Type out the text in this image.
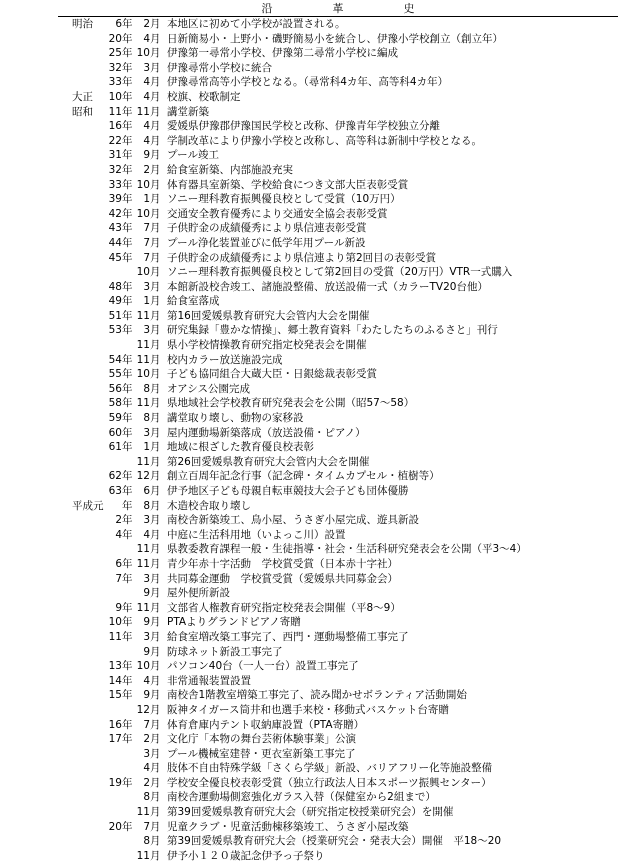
沿革史
明治	6 年	2 月 本地区に初めて小学校が設置される。
20 年	4 月 日新簡易小・上野小・磯野簡易小を統合し、伊豫小学校創立（創立年）
25 年 10 月 伊豫第一尋常小学校、伊豫第二尋常小学校に編成
32 年	3 月 伊豫尋常小学校に統合
33 年	4 月 伊豫尋常高等小学校となる。（尋常科4カ年、高等科4カ年）
大正	10 年	4 月 校旗、校歌制定
昭和	11 年 11 月 講堂新築
16 年	4 月 愛媛県伊豫郡伊豫国民学校と改称、伊豫青年学校独立分離
22 年	4 月 学制改革により伊豫小学校と改称し、高等科は新制中学校となる。
31 年	9 月 プール竣工
32 年	2 月 給食室新築、内部施設充実
33 年 10 月 体育器具室新築、学校給食につき文部大臣表彰受賞
39 年	1 月 ソニー理科教育振興優良校として受賞（10万円）
42 年 10 月 交通安全教育優秀により交通安全協会表彰受賞
43 年	7 月 子供貯金の成績優秀により県信連表彰受賞
44 年	7 月 プール浄化装置並びに低学年用プール新設
45 年	7 月 子供貯金の成績優秀により県信連より第2回目の表彰受賞
10 月 ソニー理科教育振興優良校として第2回目の受賞（20万円）VTR一式購入
48 年	3 月 本館新設校舎竣工、諸施設整備、放送設備一式（カラーTV20台他）
49 年	1 月 給食室落成
51 年 11 月 第16回愛媛県教育研究大会管内大会を開催
53 年	3 月 研究集録「豊かな情操」、郷土教育資料「わたしたちのふるさと」刊行
11 月 県小学校情操教育研究指定校発表会を開催
54 年 11 月 校内カラー放送施設完成
55 年 10 月 子ども協同組合大蔵大臣・日銀総裁表彰受賞
56 年	8 月 オアシス公園完成
58 年 11 月 県地域社会学校教育研究発表会を公開（昭57～58）
59 年	8 月 講堂取り壊し、動物の家移設
60 年	3 月 屋内運動場新築落成（放送設備・ピアノ）
61 年	1 月 地域に根ざした教育優良校表彰
11 月 第26回愛媛県教育研究大会管内大会を開催
62 年 12 月 創立百周年記念行事（記念碑・タイムカプセル・植樹等）
63 年	6 月 伊予地区子ども母親自転車競技大会子ども団体優勝
平成元 年	8 月 木造校舎取り壊し
2 年	3 月 南校舎新築竣工、鳥小屋、うさぎ小屋完成、遊具新設
4 年	4 月 中庭に生活科用地（いよっこ川）設置
11 月 県教委教育課程一般・生徒指導・社会・生活科研究発表会を公開（平3～4）
6 年 11 月 青少年赤十字活動　学校賞受賞（日本赤十字社）
7 年	3 月 共同募金運動　学校賞受賞（愛媛県共同募金会）
9 月 屋外便所新設
9 年 11 月 文部省人権教育研究指定校発表会開催（平8～9）
10 年	9 月 PTAよりグランドピアノ寄贈
11 年	3 月 給食室増改築工事完了、西門・運動場整備工事完了
9 月 防球ネット新設工事完了
13 年 10 月 パソコン40台（一人一台）設置工事完了
14 年	4 月 非常通報装置設置
15 年	9 月 南校舎1階教室増築工事完了、読み聞かせボランティア活動開始
12 月 阪神タイガース筒井和也選手来校・移動式バスケット台寄贈
16 年	7 月 体育倉庫内テント収納庫設置（PTA寄贈）
17 年	2 月 文化庁「本物の舞台芸術体験事業」公演
3 月 プール機械室建替・更衣室新築工事完了
4 月 肢体不自由特殊学級「さくら学級」新設、バリアフリー化等施設整備
19 年	2 月 学校安全優良校表彰受賞（独立行政法人日本スポーツ振興センター）
8 月 南校舎運動場側窓強化ガラス入替（保健室から2組まで）
11 月 第39回愛媛県教育研究大会（研究指定校授業研究会）を開催
20 年	7 月 児童クラブ・児童活動棟移築竣工、うさぎ小屋改築
8 月 第39回愛媛県教育研究大会（授業研究会・発表大会）開催　平18～20
11 月 伊予小１２０歳記念伊予っ子祭り
